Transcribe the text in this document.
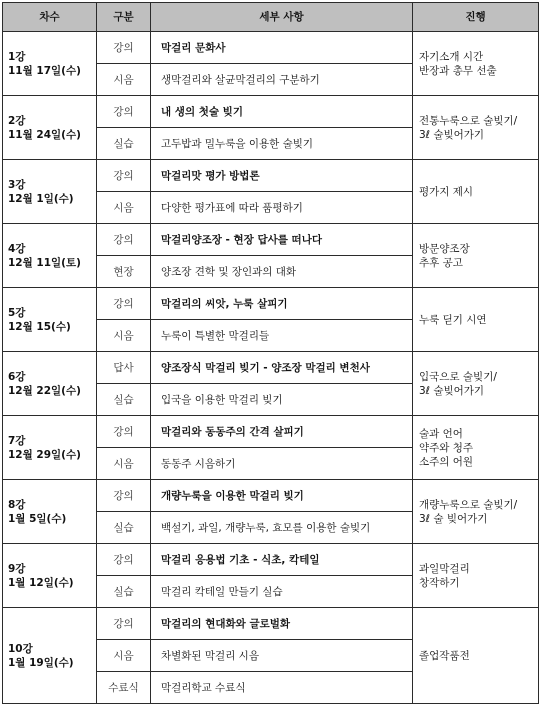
차수	구분	세부 사항	진행

1강
11월 17일(수)	강의	막걸리 문화사	자기소개 시간
반장과 총무 선출

	시음	생막걸리와 살균막걸리의 구분하기	

2강
11월 24일(수)	강의	내 생의 첫술 빚기	전통누룩으로 술빚기/
3ℓ 술빚어가기

	실습	고두밥과 밀누룩을 이용한 술빚기	

3강
12월 1일(수)	강의	막걸리맛 평가 방법론	평가지 제시

	시음	다양한 평가표에 따라 품평하기	

4강
12월 11일(토)	강의	막걸리양조장 - 현장 답사를 떠나다	방문양조장
추후 공고

	현장	양조장 견학 및 장인과의 대화	

5강
12월 15(수)	강의	막걸리의 씨앗, 누룩 살피기	누룩 딛기 시연

	시음	누룩이 특별한 막걸리들	

6강
12월 22일(수)	답사	양조장식 막걸리 빚기 - 양조장 막걸리 변천사	입국으로 술빚기/
3ℓ 술빚어가기

	실습	입국을 이용한 막걸리 빚기	

7강
12월 29일(수)	강의	막걸리와 동동주의 간격 살피기	술과 언어
약주와 청주
소주의 어원

	시음	동동주 시음하기	

8강
1월 5일(수)	강의	개량누룩을 이용한 막걸리 빚기	개량누룩으로 술빚기/
3ℓ 술 빚어가기

	실습	백설기, 과일, 개량누룩, 효모를 이용한 술빚기	

9강
1월 12일(수)	강의	막걸리 응용법 기초 - 식초, 칵테일	과일막걸리
창작하기

	실습	막걸리 칵테일 만들기 실습	

10강
1월 19일(수)	강의	막걸리의 현대화와 글로벌화	졸업작품전

	시음	차별화된 막걸리 시음	
	수료식	막걸리학교 수료식	
